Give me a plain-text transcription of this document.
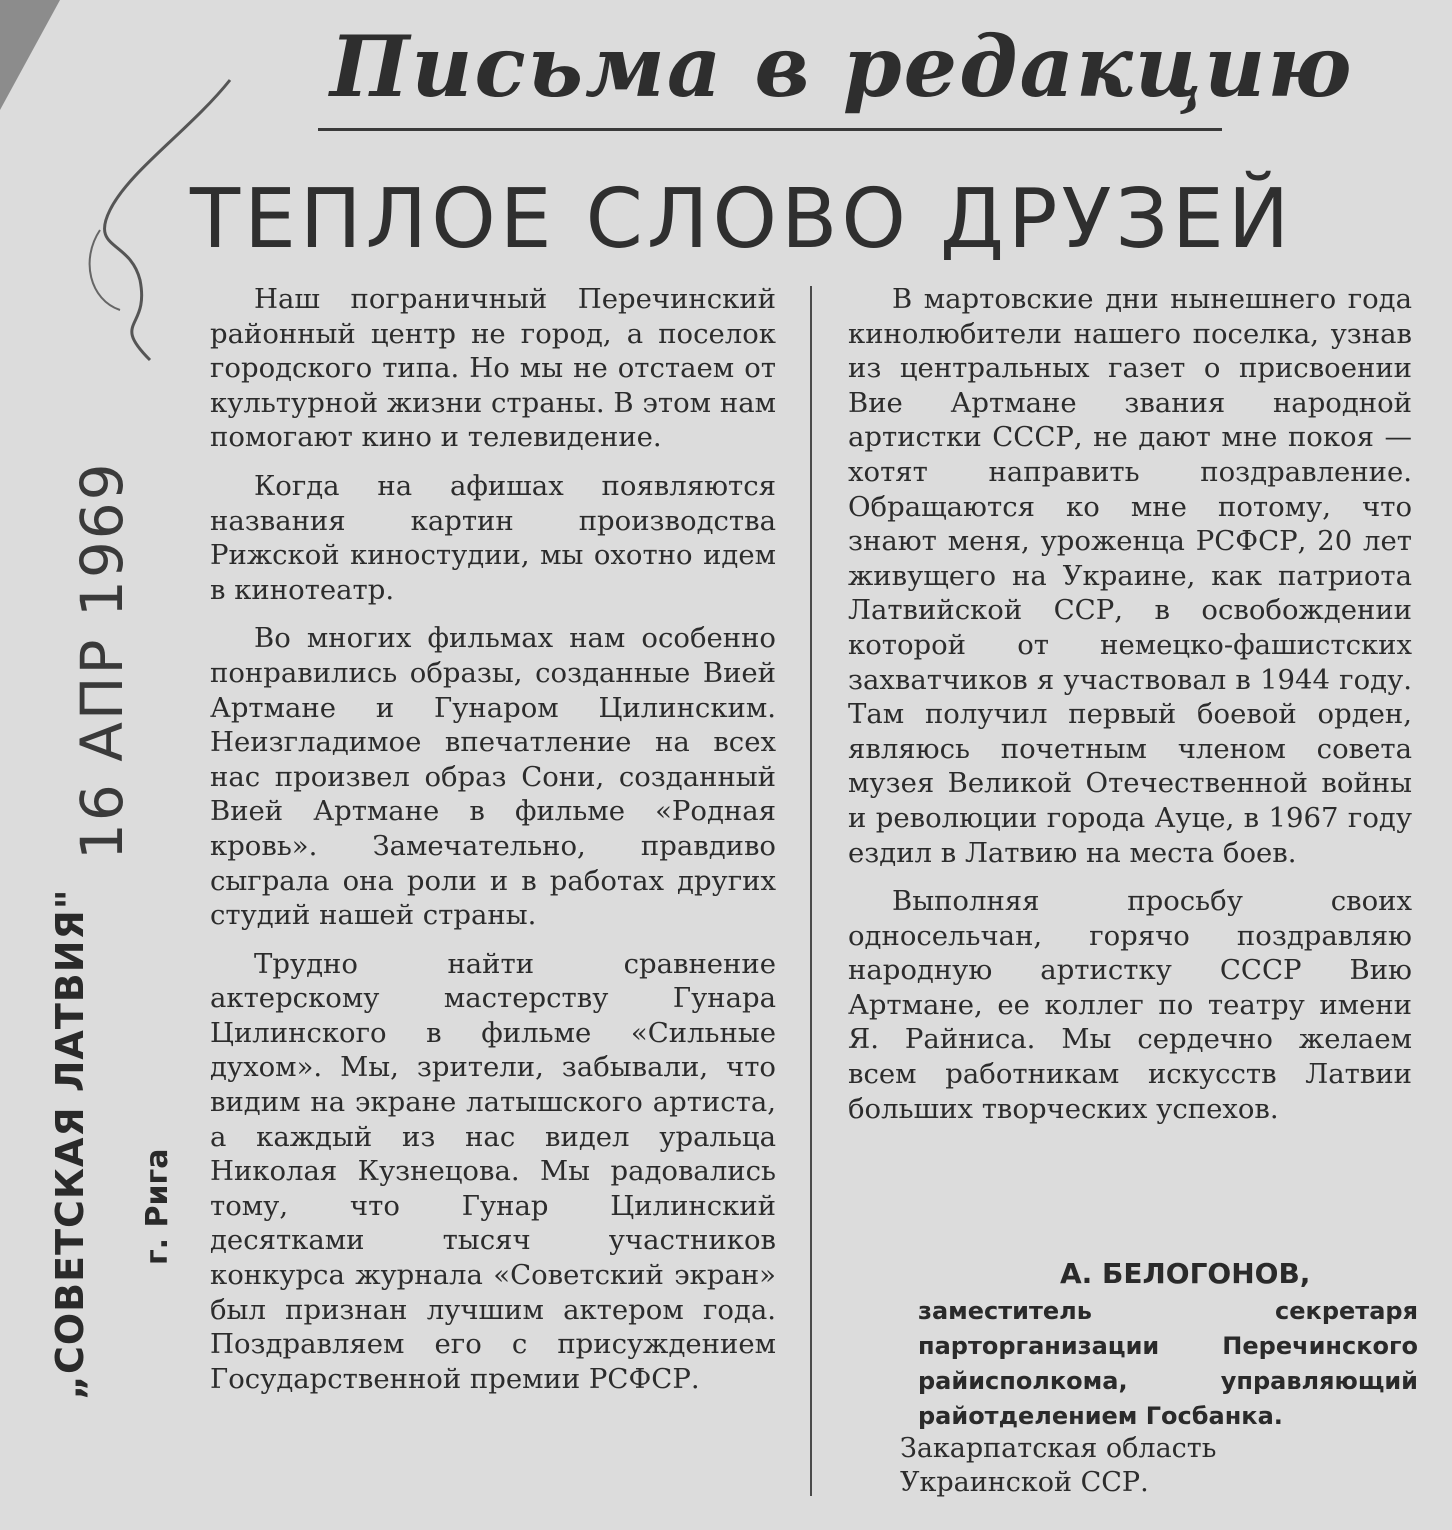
Письма в редакцию
ТЕПЛОЕ СЛОВО ДРУЗЕЙ
16 АПР 1969
„СОВЕТСКАЯ ЛАТВИЯ" г. Рига

Наш пограничный Перечинский районный центр не город, а поселок городского типа. Но мы не отстаем от культурной жизни страны. В этом нам помогают кино и телевидение.

Когда на афишах появляются названия картин производства Рижской киностудии, мы охотно идем в кинотеатр.

Во многих фильмах нам особенно понравились образы, созданные Вией Артмане и Гунаром Цилинским. Неизгладимое впечатление на всех нас произвел образ Сони, созданный Вией Артмане в фильме «Родная кровь». Замечательно, правдиво сыграла она роли и в работах других студий нашей страны.

Трудно найти сравнение актерскому мастерству Гунара Цилинского в фильме «Сильные духом». Мы, зрители, забывали, что видим на экране латышского артиста, а каждый из нас видел уральца Николая Кузнецова. Мы радовались тому, что Гунар Цилинский десятками тысяч участников конкурса журнала «Советский экран» был признан лучшим актером года. Поздравляем его с присуждением Государственной премии РСФСР.

В мартовские дни нынешнего года кинолюбители нашего поселка, узнав из центральных газет о присвоении Вие Артмане звания народной артистки СССР, не дают мне покоя — хотят направить поздравление. Обращаются ко мне потому, что знают меня, уроженца РСФСР, 20 лет живущего на Украине, как патриота Латвийской ССР, в освобождении которой от немецко-фашистских захватчиков я участвовал в 1944 году. Там получил первый боевой орден, являюсь почетным членом совета музея Великой Отечественной войны и революции города Ауце, в 1967 году ездил в Латвию на места боев.

Выполняя просьбу своих односельчан, горячо поздравляю народную артистку СССР Вию Артмане, ее коллег по театру имени Я. Райниса. Мы сердечно желаем всем работникам искусств Латвии больших творческих успехов.

А. БЕЛОГОНОВ,
заместитель секретаря парторганизации Перечинского райисполкома, управляющий райотделением Госбанка.
Закарпатская область
Украинской ССР.
